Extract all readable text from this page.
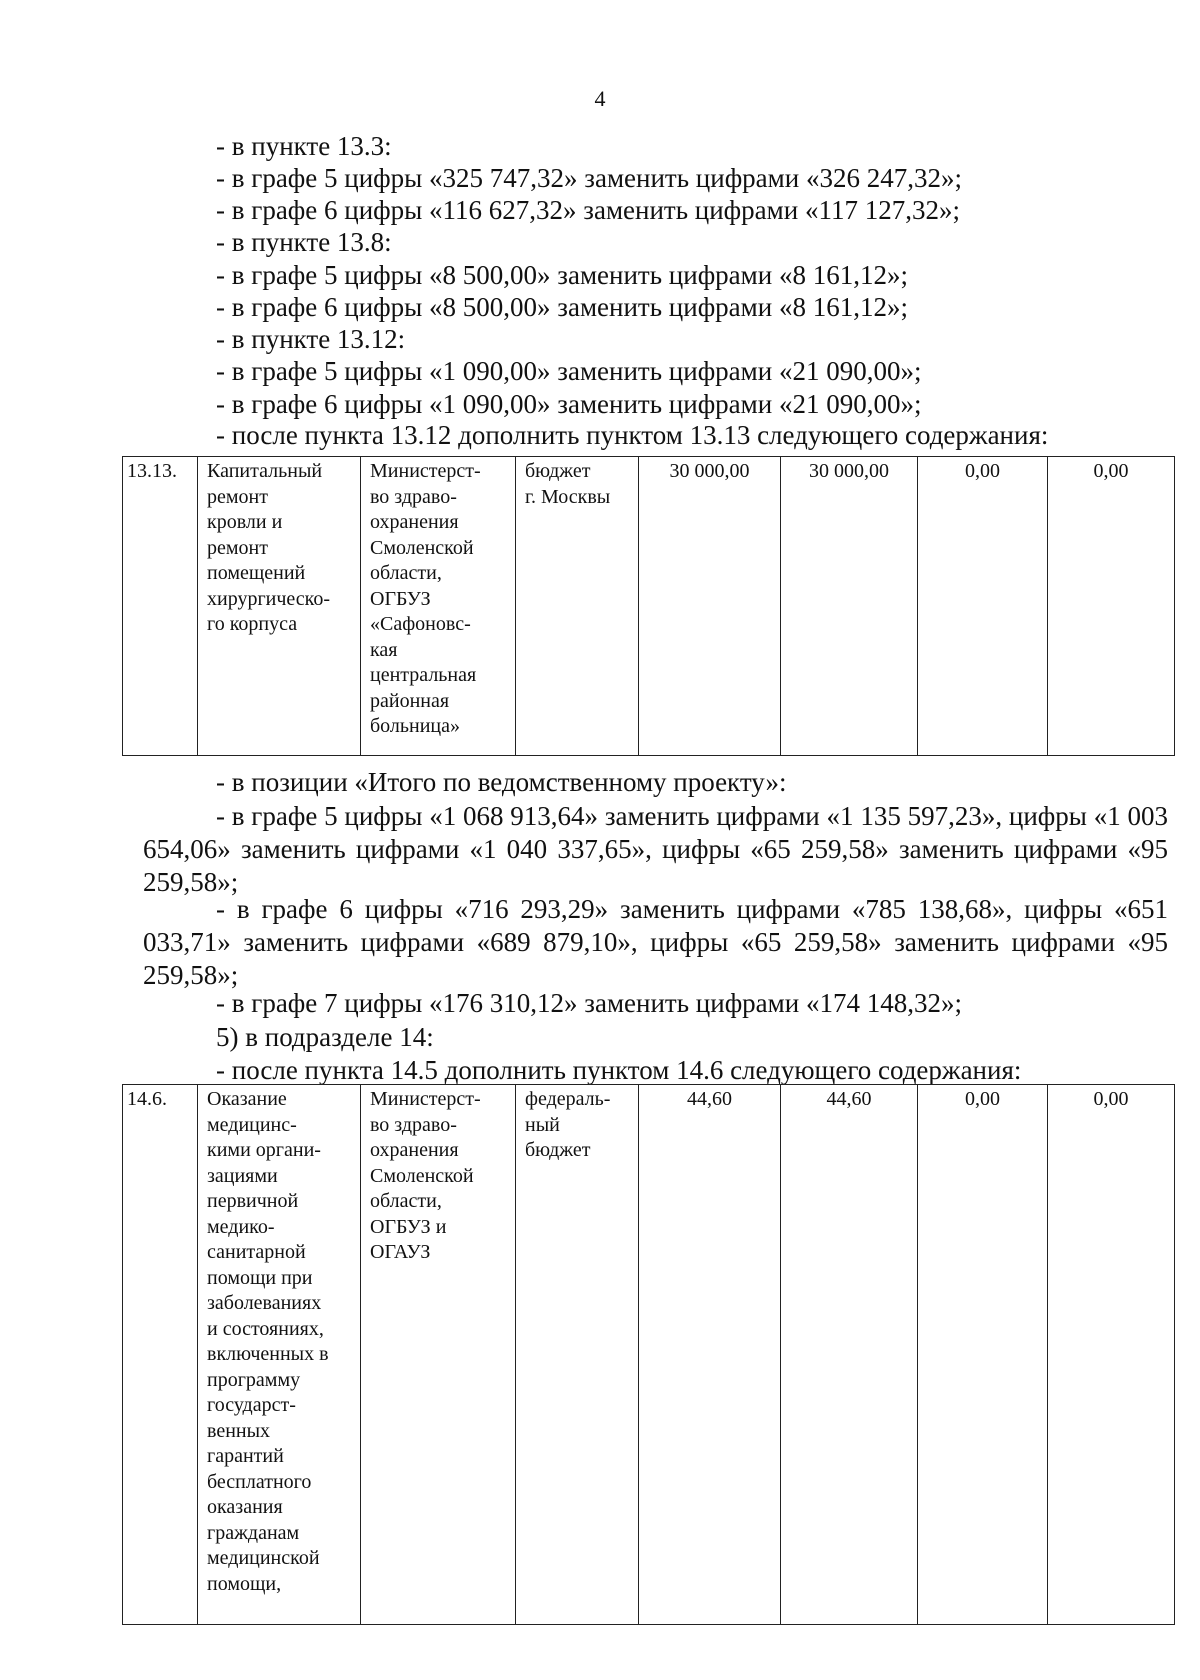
4
- в пункте 13.3:
- в графе 5 цифры «325 747,32» заменить цифрами «326 247,32»;
- в графе 6 цифры «116 627,32» заменить цифрами «117 127,32»;
- в пункте 13.8:
- в графе 5 цифры «8 500,00» заменить цифрами «8 161,12»;
- в графе 6 цифры «8 500,00» заменить цифрами «8 161,12»;
- в пункте 13.12:
- в графе 5 цифры «1 090,00» заменить цифрами «21 090,00»;
- в графе 6 цифры «1 090,00» заменить цифрами «21 090,00»;
- после пункта 13.12 дополнить пунктом 13.13 следующего содержания:
13.13.	Капитальный
ремонт
кровли и
ремонт
помещений
хирургическо-
го корпуса	Министерст-
во здраво-
охранения
Смоленской
области,
ОГБУЗ
«Сафоновс-
кая
центральная
районная
больница»	бюджет
г. Москвы	30 000,00	30 000,00	0,00	0,00
- в позиции «Итого по ведомственному проекту»:
- в графе 5 цифры «1 068 913,64» заменить цифрами «1 135 597,23», цифры «1 003 654,06» заменить цифрами «1 040 337,65», цифры «65 259,58» заменить цифрами «95 259,58»;
- в графе 6 цифры «716 293,29» заменить цифрами «785 138,68», цифры «651 033,71» заменить цифрами «689 879,10», цифры «65 259,58» заменить цифрами «95 259,58»;
- в графе 7 цифры «176 310,12» заменить цифрами «174 148,32»;
5) в подразделе 14:
- после пункта 14.5 дополнить пунктом 14.6 следующего содержания:
14.6.	Оказание
медицинс-
кими органи-
зациями
первичной
медико-
санитарной
помощи при
заболеваниях
и состояниях,
включенных в
программу
государст-
венных
гарантий
бесплатного
оказания
гражданам
медицинской
помощи,	Министерст-
во здраво-
охранения
Смоленской
области,
ОГБУЗ и
ОГАУЗ	федераль-
ный
бюджет	44,60	44,60	0,00	0,00
